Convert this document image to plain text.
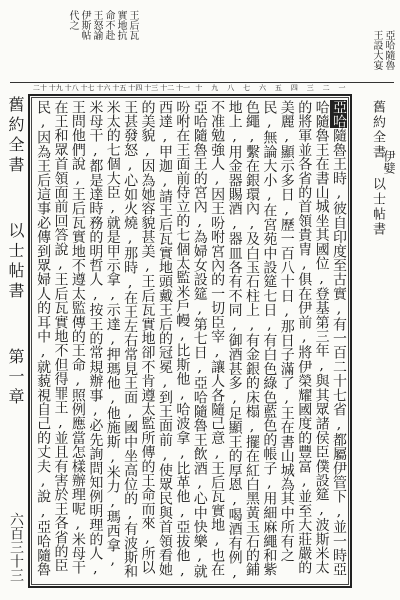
亞哈隨魯
王設大宴
王后瓦
實地抗
命不赴
王怒諭
伊斯帖
代之
一
二
三
四
五
六
七
八
九
十
十一
十二
十三
十四
十五
十六
十七
十八
十九
二十
舊約全書  以士帖書  第一章
六百三十三
舊約全書 以士帖書
伊嬖

亞哈隨魯王時,彼自印度至古實,有一百二十七省,都屬伊管下,並一時亞哈隨魯王在書山城坐其國位,登基第三年,與其眾諸侯臣僕設筵,波斯米太的將軍並各省的首領貴冑,俱在伊前,將伊榮耀國度的豐富,並至大莊嚴的美麗,顯示多日,歷一百八十日,那日子滿了,王在書山城為其中所有之民,無論大小,在宮苑中設筵七日,有白色綠色藍色的帳子,用細麻繩和紫色繩,繫在銀環內,及白玉石柱上,有金銀的床榻,擺在紅白黑黃玉石的鋪地上,用金器賜酒,器皿各有不同,御酒甚多,足顯王的厚恩,喝酒有例,不准勉強人,因王吩咐宮內的一切臣宰,讓人各隨己意,王后瓦實地,也在亞哈隨魯王的宮內,為婦女設筵,第七日,亞哈隨魯王飲酒,心中快樂,就吩咐在王面前侍立的七個太監米戶幔,比斯他,哈波拿,比革他,亞拔他,西達,甲迦,請王后瓦實地頭戴王后的冠冕,到王面前,使眾民與首領看她的美貌,因為她容貌甚美,王后瓦實地卻不肯遵太監所傳的王命而來,所以王甚發怒,心如火燒,那時,在王左右常見王面,國中坐高位的,有波斯和米太的七個大臣,就是甲示拿,示達,押瑪他,他施斯,米力,瑪西拿,米母干,都是達時務的明哲人,按王的常規辦事,必先詢問知例明理的人,王問他們說,王后瓦實地不遵太監傳的王命,照例應當怎樣辦理呢,米母干在王和眾首領面前回答說,王后瓦實地不但得罪王,並且有害於王各省的臣民,因為王后這事必傳到眾婦人的耳中,就藐視自己的丈夫,說,亞哈隨魯
